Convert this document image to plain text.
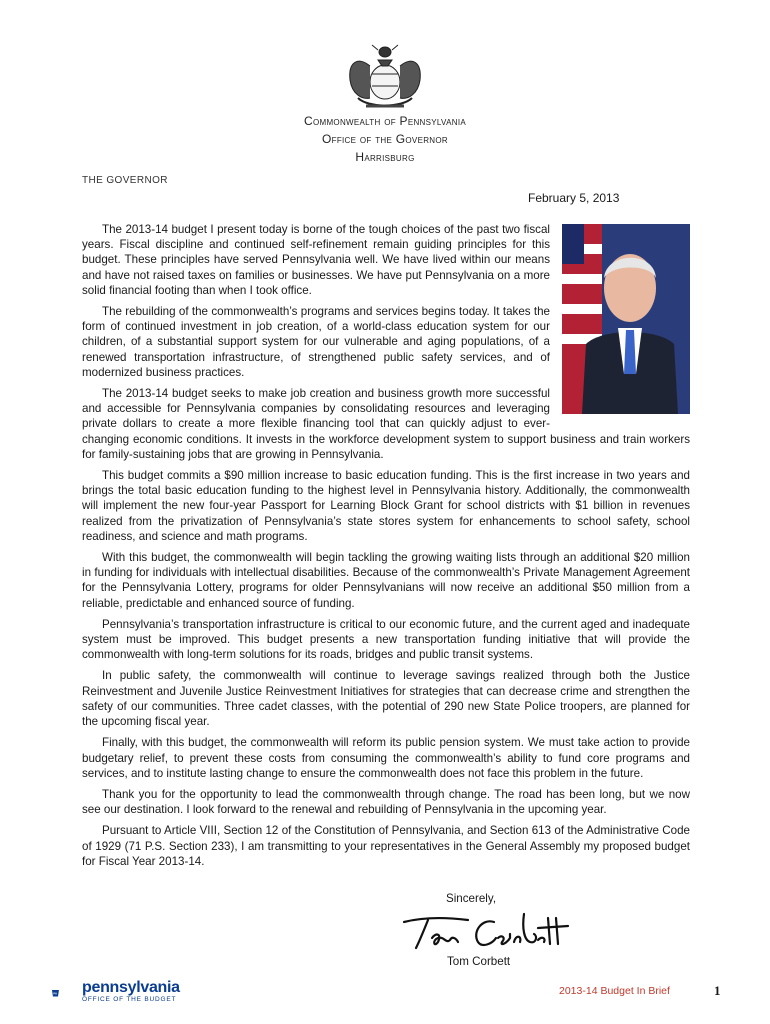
Commonwealth of Pennsylvania
Office of the Governor
Harrisburg
THE GOVERNOR
February 5, 2013

The 2013-14 budget I present today is borne of the tough choices of the past two fiscal years. Fiscal discipline and continued self-refinement remain guiding principles for this budget. These principles have served Pennsylvania well. We have lived within our means and have not raised taxes on families or businesses. We have put Pennsylvania on a more solid financial footing than when I took office.

The rebuilding of the commonwealth’s programs and services begins today. It takes the form of continued investment in job creation, of a world-class education system for our children, of a substantial support system for our vulnerable and aging populations, of a renewed transportation infrastructure, of strengthened public safety services, and of modernized business practices.

The 2013-14 budget seeks to make job creation and business growth more successful and accessible for Pennsylvania companies by consolidating resources and leveraging private dollars to create a more flexible financing tool that can quickly adjust to ever-changing economic conditions. It invests in the workforce development system to support business and train workers for family-sustaining jobs that are growing in Pennsylvania.

This budget commits a $90 million increase to basic education funding. This is the first increase in two years and brings the total basic education funding to the highest level in Pennsylvania history. Additionally, the commonwealth will implement the new four-year Passport for Learning Block Grant for school districts with $1 billion in revenues realized from the privatization of Pennsylvania’s state stores system for enhancements to school safety, school readiness, and science and math programs.

With this budget, the commonwealth will begin tackling the growing waiting lists through an additional $20 million in funding for individuals with intellectual disabilities. Because of the commonwealth’s Private Management Agreement for the Pennsylvania Lottery, programs for older Pennsylvanians will now receive an additional $50 million from a reliable, predictable and enhanced source of funding.

Pennsylvania’s transportation infrastructure is critical to our economic future, and the current aged and inadequate system must be improved. This budget presents a new transportation funding initiative that will provide the commonwealth with long-term solutions for its roads, bridges and public transit systems.

In public safety, the commonwealth will continue to leverage savings realized through both the Justice Reinvestment and Juvenile Justice Reinvestment Initiatives for strategies that can decrease crime and strengthen the safety of our communities. Three cadet classes, with the potential of 290 new State Police troopers, are planned for the upcoming fiscal year.

Finally, with this budget, the commonwealth will reform its public pension system. We must take action to provide budgetary relief, to prevent these costs from consuming the commonwealth’s ability to fund core programs and services, and to institute lasting change to ensure the commonwealth does not face this problem in the future.

Thank you for the opportunity to lead the commonwealth through change. The road has been long, but we now see our destination. I look forward to the renewal and rebuilding of Pennsylvania in the upcoming year.

Pursuant to Article VIII, Section 12 of the Constitution of Pennsylvania, and Section 613 of the Administrative Code of 1929 (71 P.S. Section 233), I am transmitting to your representatives in the General Assembly my proposed budget for Fiscal Year 2013-14.

Sincerely,
Tom Corbett
PA pennsylvania
OFFICE OF THE BUDGET
2013-14 Budget In Brief	1
